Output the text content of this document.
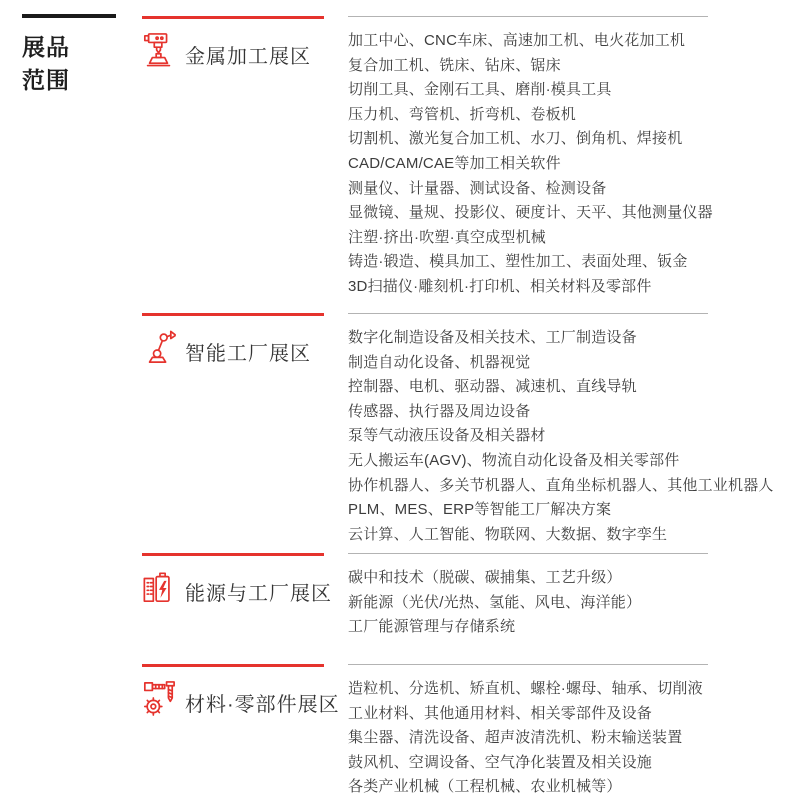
展品
范围
金属加工展区

加工中心、CNC车床、高速加工机、电火花加工机

复合加工机、铣床、钻床、锯床

切削工具、金刚石工具、磨削·模具工具

压力机、弯管机、折弯机、卷板机

切割机、激光复合加工机、水刀、倒角机、焊接机

CAD/CAM/CAE等加工相关软件

测量仪、计量器、测试设备、检测设备

显微镜、量规、投影仪、硬度计、天平、其他测量仪器

注塑·挤出·吹塑·真空成型机械

铸造·锻造、模具加工、塑性加工、表面处理、钣金

3D扫描仪·雕刻机·打印机、相关材料及零部件

智能工厂展区

数字化制造设备及相关技术、工厂制造设备

制造自动化设备、机器视觉

控制器、电机、驱动器、减速机、直线导轨

传感器、执行器及周边设备

泵等气动液压设备及相关器材

无人搬运车(AGV)、物流自动化设备及相关零部件

协作机器人、多关节机器人、直角坐标机器人、其他工业机器人

PLM、MES、ERP等智能工厂解决方案

云计算、人工智能、物联网、大数据、数字孪生

能源与工厂展区

碳中和技术（脱碳、碳捕集、工艺升级）

新能源（光伏/光热、氢能、风电、海洋能）

工厂能源管理与存储系统

材料·零部件展区

造粒机、分选机、矫直机、螺栓·螺母、轴承、切削液

工业材料、其他通用材料、相关零部件及设备

集尘器、清洗设备、超声波清洗机、粉末输送装置

鼓风机、空调设备、空气净化装置及相关设施

各类产业机械（工程机械、农业机械等）
